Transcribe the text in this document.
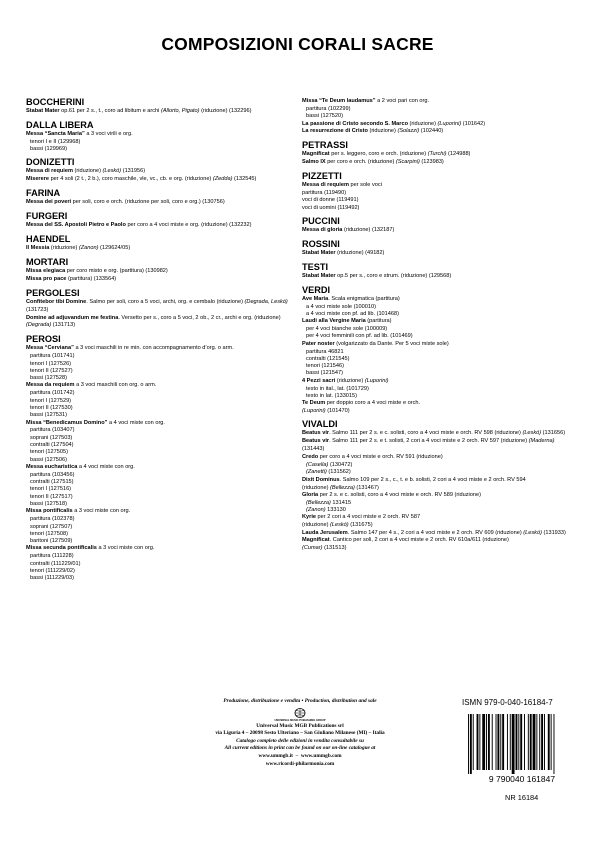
COMPOSIZIONI CORALI SACRE
BOCCHERINI
Stabat Mater op.61 per 2 s., t., coro ad libitum e archi (Allorto, Pigato) (riduzione) (132296)
DALLA LIBERA
Messa “Sancta Maria” a 3 voci virili e org.
tenori I e II (129968)
bassi (129969)
DONIZETTI
Messa di requiem (riduzione) (Leskó) (131956)
Miserere per 4 soli (2 t., 2 b.), coro maschile, vle, vc., cb. e org. (riduzione) (Zedda) (132545)
FARINA
Messa dei poveri per soli, coro e orch. (riduzione per soli, coro e org.) (130756)
FURGERI
Messa del SS. Apostoli Pietro e Paolo per coro a 4 voci miste e org. (riduzione) (132232)
HAENDEL
Il Messia (riduzione) (Zanon) (129624/05)
MORTARI
Missa elegiaca per coro misto e org. (partitura) (130982)
Missa pro pace (partitura) (133564)
PERGOLESI
Confitebor tibi Domine. Salmo per soli, coro a 5 voci, archi, org. e cembalo (riduzione) (Degrada, Leskó) (131723)
Domine ad adjuvandum me festina. Versetto per s., coro a 5 voci, 2 ob., 2 cr., archi e org. (riduzione) (Degrada) (131713)
PEROSI
Messa “Cerviana” a 3 voci maschili in re min. con accompagnamento d’org. o arm.
partitura (101741)
tenori I (127526)
tenori II (127527)
bassi (127528)
Messa da requiem a 3 voci maschili con org. o arm.
partitura (101742)
tenori I (127529)
tenori II (127530)
bassi (127531)
Missa “Benedicamus Domino” a 4 voci miste con org.
partitura (103407)
soprani (127503)
contralti (127504)
tenori (127505)
bassi (127506)
Messa eucharistica a 4 voci miste con org.
partitura (103456)
contralti (127515)
tenori I (127516)
tenori II (127517)
bassi (127518)
Missa pontificalis a 3 voci miste con org.
partitura (102378)
soprani (127507)
tenori (127508)
baritoni (127509)
Missa secunda pontificalis a 3 voci miste con org.
partitura (111228)
contralti (111229/01)
tenori (111229/02)
bassi (111229/03)
Missa “Te Deum laudamus” a 2 voci pari con org.
partitura (102299)
bassi (127520)
La passione di Cristo secondo S. Marco (riduzione) (Luporini) (101642)
La resurrezione di Cristo (riduzione) (Solazzi) (102440)
PETRASSI
Magnificat per s. leggero, coro e orch. (riduzione) (Turchi) (124988)
Salmo IX per coro e orch. (riduzione) (Scarpini) (123983)
PIZZETTI
Messa di requiem per sole voci
partitura (119490)
voci di donne (119491)
voci di uomini (119492)
PUCCINI
Messa di gloria (riduzione) (132187)
ROSSINI
Stabat Mater (riduzione) (49182)
TESTI
Stabat Mater op.5 per s., coro e strum. (riduzione) (129568)
VERDI
Ave Maria. Scala enigmatica (partitura)
a 4 voci miste sole (100010)
a 4 voci miste con pf. ad lib. (101468)
Laudi alla Vergine Maria (partitura)
per 4 voci bianche sole (100009)
per 4 voci femminili con pf. ad lib. (101469)
Pater noster (volgarizzato da Dante. Per 5 voci miste sole)
partitura 46821
contralti (121545)
tenori (121546)
bassi (121547)
4 Pezzi sacri (riduzione) (Luporini)
testo in ital., lat. (101729)
testo in lat. (133015)
Te Deum per doppio coro a 4 voci miste e orch.
(Luporini) (101470)
VIVALDI
Beatus vir. Salmo 111 per 2 s. e c. solisti, coro a 4 voci miste e orch. RV 598 (riduzione) (Leskó) (131656)
Beatus vir. Salmo 111 per 2 s. e t. solisti, 2 cori a 4 voci miste e 2 orch. RV 597 (riduzione) (Maderna) (131443)
Credo per coro a 4 voci miste e orch. RV 591 (riduzione)
(Casella) (130472)
(Zanetti) (131562)
Dixit Dominus. Salmo 109 per 2 s., c., t. e b. solisti, 2 cori a 4 voci miste e 2 orch. RV 594
(riduzione) (Bellezza) (131467)
Gloria per 2 s. e c. solisti, coro a 4 voci miste e orch. RV 589 (riduzione)
(Bellezza) 131415
(Zanon) 133130
Kyrie per 2 cori a 4 voci miste e 2 orch. RV 587
(riduzione) (Leskó) (131675)
Lauda Jerusalem. Salmo 147 per 4 s., 2 cori a 4 voci miste e 2 orch. RV 609 (riduzione) (Leskó) (131933)
Magnificat. Cantico per soli, 2 cori a 4 voci miste e 2 orch. RV 610a/611 (riduzione)
(Cumar) (131513)
Produzione, distribuzione e vendita • Production, distribution and sale
UNIVERSAL MUSIC PUBLISHING GROUP
Universal Music MGB Publications srl
via Liguria 4 – 20098 Sesto Ulteriano – San Giuliano Milanese (MI) – Italia
Catalogo completo delle edizioni in vendita consultabile su
All current editions in print can be found on our on-line catalogue at
www.ummgb.it  –  www.ummgb.com
www.ricordi-philarmonia.com
ISMN 979-0-040-16184-7
9 790040 161847
NR 16184
